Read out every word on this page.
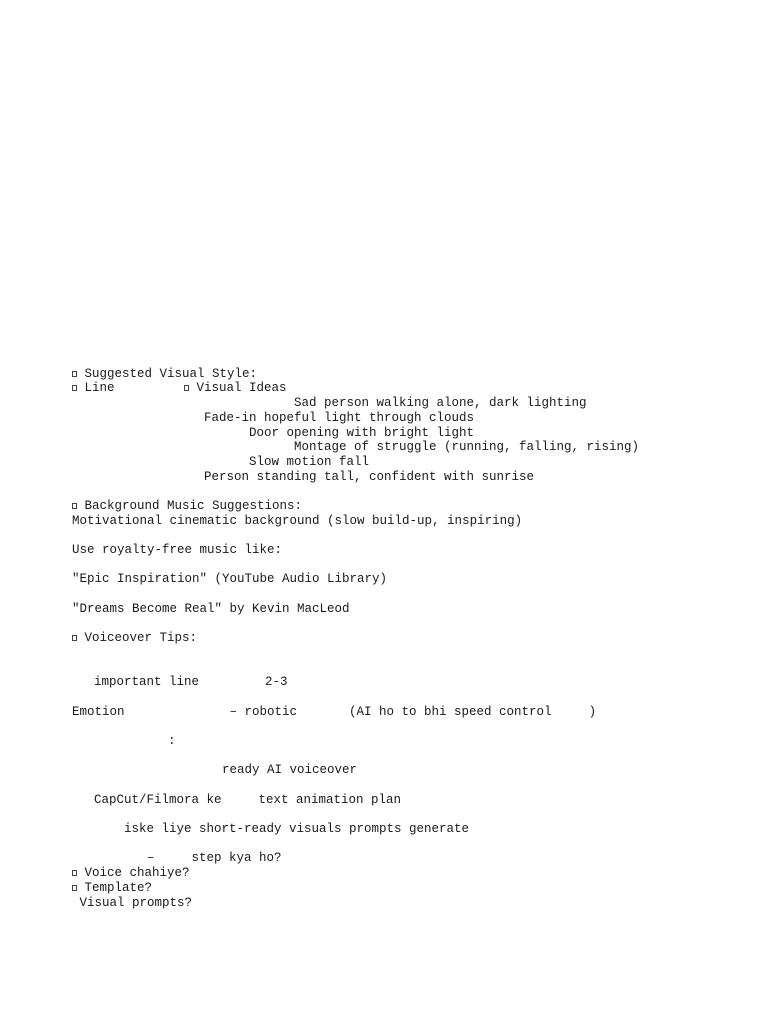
Suggested Visual Style:
Line	Visual Ideas
Sad person walking alone, dark lighting
Fade-in hopeful light through clouds
Door opening with bright light
Montage of struggle (running, falling, rising)
Slow motion fall
Person standing tall, confident with sunrise
Background Music Suggestions:
Motivational cinematic background (slow build-up, inspiring)
Use royalty-free music like:
"Epic Inspiration" (YouTube Audio Library)
"Dreams Become Real" by Kevin MacLeod
Voiceover Tips:
important line	2-3
Emotion	– robotic	(AI ho to bhi speed control	)
:
ready AI voiceover
CapCut/Filmora ke	text animation plan
iske liye short-ready visuals prompts generate
–	step kya ho?
Voice chahiye?
Template?
Visual prompts?
